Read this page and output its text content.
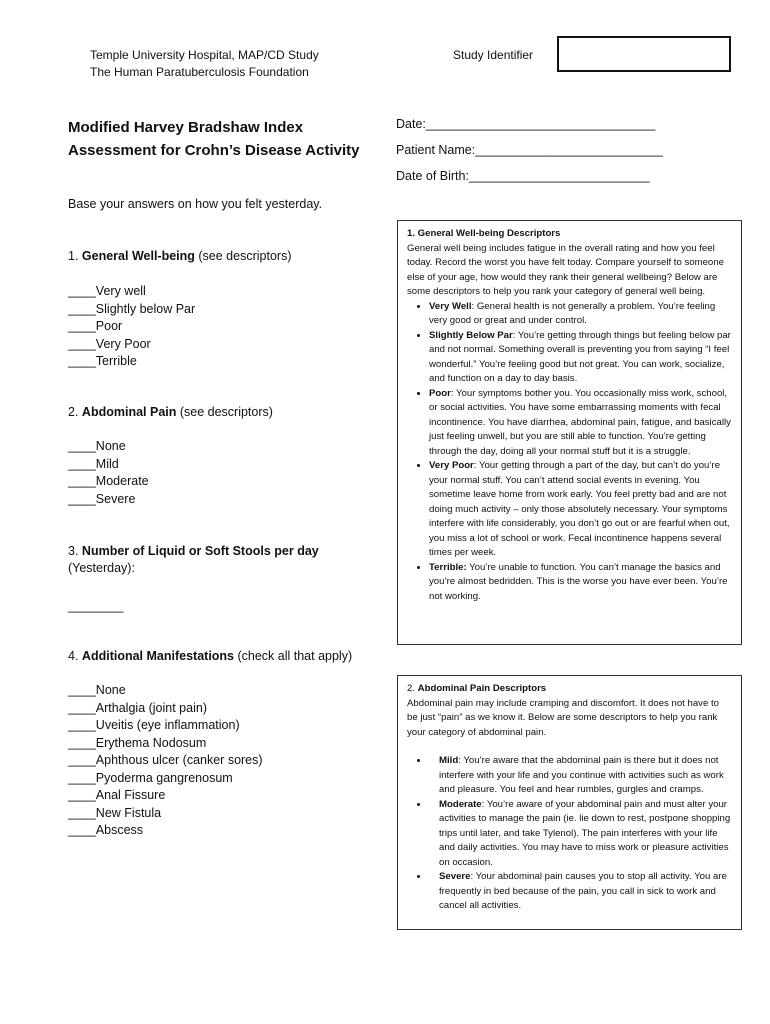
Temple University Hospital, MAP/CD Study
The Human Paratuberculosis Foundation
Study Identifier
Modified Harvey Bradshaw Index
Assessment for Crohn’s Disease Activity
Date:_________________________________
Patient Name:___________________________
Date of Birth:__________________________
Base your answers on how you felt yesterday.
1. General Well-being (see descriptors)
____Very well
____Slightly below Par
____Poor
____Very Poor
____Terrible
2. Abdominal Pain (see descriptors)
____None
____Mild
____Moderate
____Severe
3. Number of Liquid or Soft Stools per day
(Yesterday):
________
4. Additional Manifestations (check all that apply)
____None
____Arthalgia (joint pain)
____Uveitis (eye inflammation)
____Erythema Nodosum
____Aphthous ulcer (canker sores)
____Pyoderma gangrenosum
____Anal Fissure
____New Fistula
____Abscess
1. General Well-being Descriptors
General well being includes fatigue in the overall rating and how you feel today. Record the worst you have felt today. Compare yourself to someone else of your age, how would they rank their general wellbeing? Below are some descriptors to help you rank your category of general well being.
• Very Well: General health is not generally a problem. You’re feeling very good or great and under control.
• Slightly Below Par: You’re getting through things but feeling below par and not normal. Something overall is preventing you from saying “I feel wonderful.” You’re feeling good but not great. You can work, socialize, and function on a day to day basis.
• Poor: Your symptoms bother you. You occasionally miss work, school, or social activities. You have some embarrassing moments with fecal incontinence. You have diarrhea, abdominal pain, fatigue, and basically just feeling unwell, but you are still able to function. You’re getting through the day, doing all your normal stuff but it is a struggle.
• Very Poor: Your getting through a part of the day, but can’t do you’re your normal stuff. You can’t attend social events in evening. You sometime leave home from work early. You feel pretty bad and are not doing much activity – only those absolutely necessary. Your symptoms interfere with life considerably, you don’t go out or are fearful when out, you miss a lot of school or work. Fecal incontinence happens several times per week.
• Terrible: You’re unable to function. You can’t manage the basics and you’re almost bedridden. This is the worse you have ever been. You’re not working.
2. Abdominal Pain Descriptors
Abdominal pain may include cramping and discomfort. It does not have to be just “pain” as we know it. Below are some descriptors to help you rank your category of abdominal pain.
• Mild: You’re aware that the abdominal pain is there but it does not interfere with your life and you continue with activities such as work and pleasure. You feel and hear rumbles, gurgles and cramps.
• Moderate: You’re aware of your abdominal pain and must alter your activities to manage the pain (ie. lie down to rest, postpone shopping trips until later, and take Tylenol). The pain interferes with your life and daily activities. You may have to miss work or pleasure activities on occasion.
• Severe: Your abdominal pain causes you to stop all activity. You are frequently in bed because of the pain, you call in sick to work and cancel all activities.
